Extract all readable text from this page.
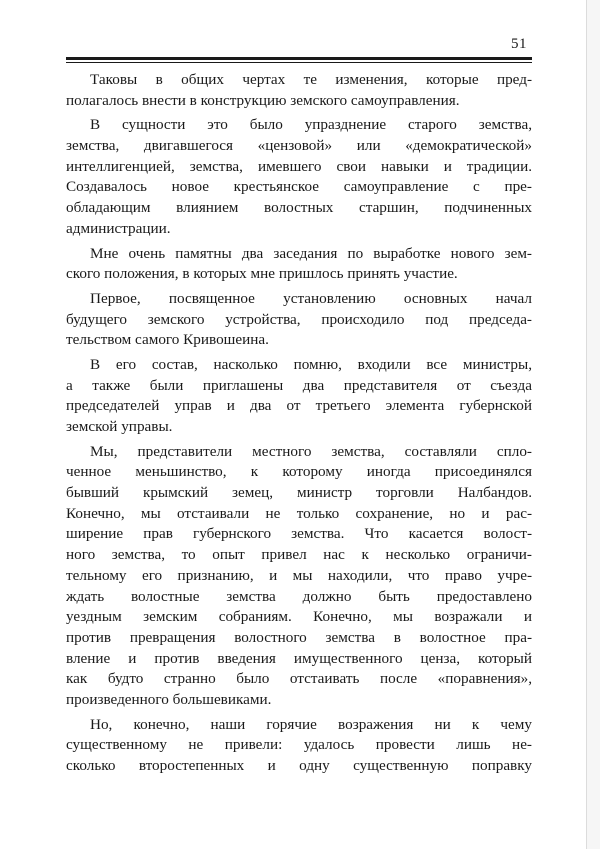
51
Таковы в общих чертах те изменения, которые пред-
полагалось внести в конструкцию земского самоуправления.
В сущности это было упразднение старого земства,
земства, двигавшегося «цензовой» или «демократической»
интеллигенцией, земства, имевшего свои навыки и традиции.
Создавалось новое крестьянское самоуправление с пре-
обладающим влиянием волостных старшин, подчиненных
администрации.
Мне очень памятны два заседания по выработке нового зем-
ского положения, в которых мне пришлось принять участие.
Первое, посвященное установлению основных начал
будущего земского устройства, происходило под председа-
тельством самого Кривошеина.
В его состав, насколько помню, входили все министры,
а также были приглашены два представителя от съезда
председателей управ и два от третьего элемента губернской
земской управы.
Мы, представители местного земства, составляли спло-
ченное меньшинство, к которому иногда присоединялся
бывший крымский земец, министр торговли Налбандов.
Конечно, мы отстаивали не только сохранение, но и рас-
ширение прав губернского земства. Что касается волост-
ного земства, то опыт привел нас к несколько ограничи-
тельному его признанию, и мы находили, что право учре-
ждать волостные земства должно быть предоставлено
уездным земским собраниям. Конечно, мы возражали и
против превращения волостного земства в волостное пра-
вление и против введения имущественного ценза, который
как будто странно было отстаивать после «поравнения»,
произведенного большевиками.
Но, конечно, наши горячие возражения ни к чему
существенному не привели: удалось провести лишь не-
сколько второстепенных и одну существенную поправку
